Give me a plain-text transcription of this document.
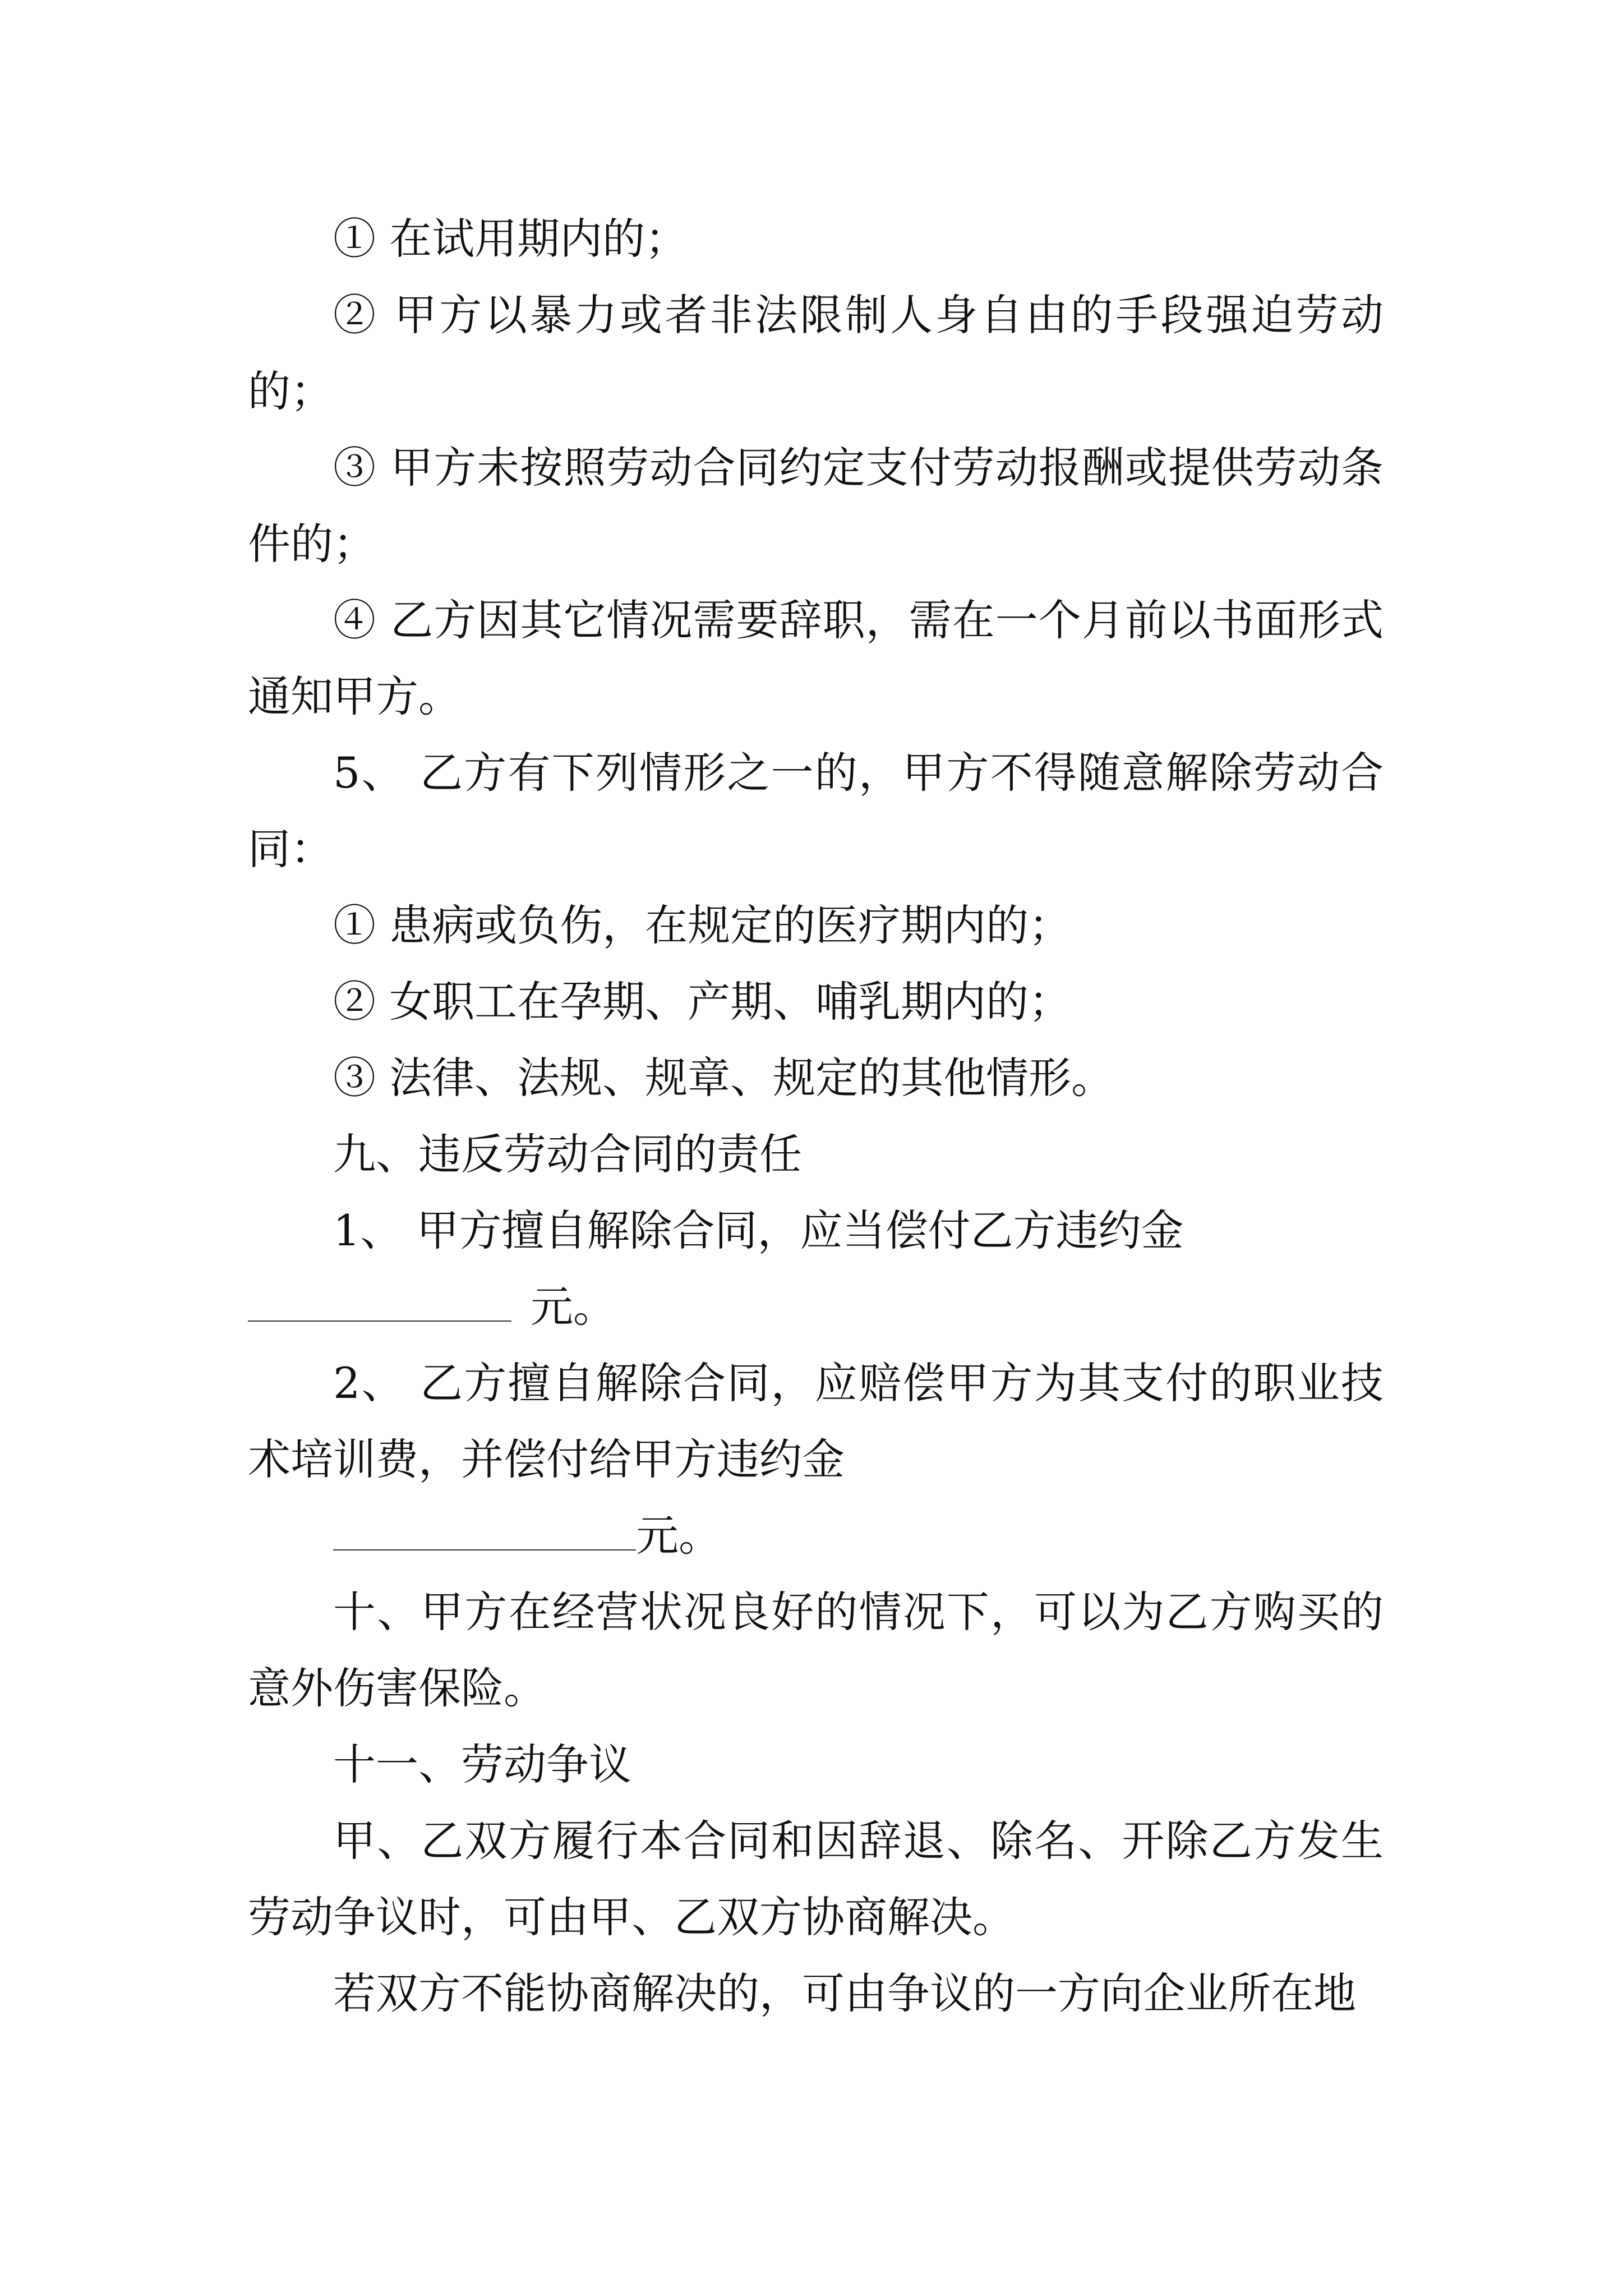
① 在试用期内的；

② 甲方以暴力或者非法限制人身自由的手段强迫劳动的；

③ 甲方未按照劳动合同约定支付劳动报酬或提供劳动条件的；

④ 乙方因其它情况需要辞职，需在一个月前以书面形式通知甲方。

5、 乙方有下列情形之一的，甲方不得随意解除劳动合同：

① 患病或负伤，在规定的医疗期内的；

② 女职工在孕期、产期、哺乳期内的；

③ 法律、法规、规章、规定的其他情形。

九、违反劳动合同的责任

1、 甲方擅自解除合同，应当偿付乙方违约金

元。

2、 乙方擅自解除合同，应赔偿甲方为其支付的职业技术培训费，并偿付给甲方违约金

元。

十、甲方在经营状况良好的情况下，可以为乙方购买的意外伤害保险。

十一、劳动争议

甲、乙双方履行本合同和因辞退、除名、开除乙方发生劳动争议时，可由甲、乙双方协商解决。

若双方不能协商解决的，可由争议的一方向企业所在地
